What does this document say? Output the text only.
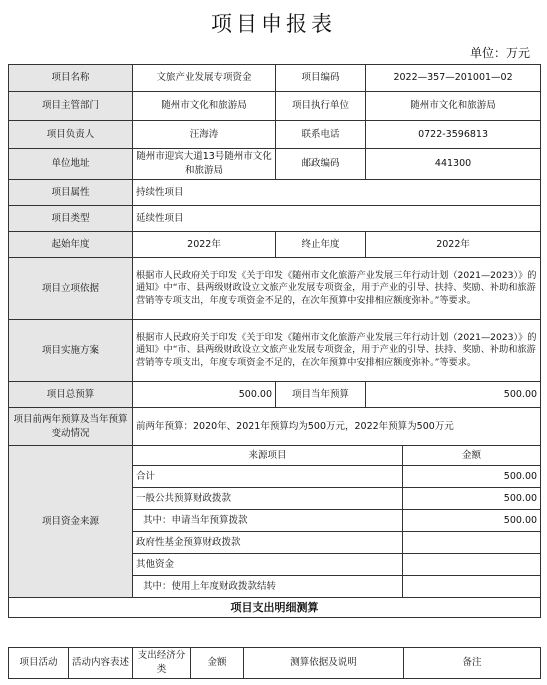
项目申报表
单位：万元
项目名称	文旅产业发展专项资金	项目编码	2022—357—201001—02	
项目主管部门	随州市文化和旅游局	项目执行单位	随州市文化和旅游局	
项目负责人	汪海涛	联系电话	0722-3596813	
单位地址	随州市迎宾大道13号随州市文化和旅游局	邮政编码	441300	
项目属性	持续性项目			
项目类型	延续性项目			
起始年度	2022年	终止年度	2022年	
项目立项依据	根据市人民政府关于印发《关于印发《随州市文化旅游产业发展三年行动计划（2021—2023）》的通知》中“市、县两级财政设立文旅产业发展专项资金，用于产业的引导、扶持、奖励、补助和旅游营销等专项支出，年度专项资金不足的，在次年预算中安排相应额度弥补。”等要求。			
项目实施方案	根据市人民政府关于印发《关于印发《随州市文化旅游产业发展三年行动计划（2021—2023）》的通知》中“市、县两级财政设立文旅产业发展专项资金，用于产业的引导、扶持、奖励、补助和旅游营销等专项支出，年度专项资金不足的，在次年预算中安排相应额度弥补。”等要求。			
项目总预算	500.00	项目当年预算	500.00	
项目前两年预算及当年预算变动情况	前两年预算：2020年、2021年预算均为500万元，2022年预算为500万元			
项目资金来源	来源项目			金额
	合计			500.00
	一般公共预算财政拨款			500.00
	其中：申请当年预算拨款			500.00
	政府性基金预算财政拨款			
	其他资金			
	其中：使用上年度财政拨款结转			
项目支出明细测算				
项目活动	活动内容表述	支出经济分类	金额	测算依据及说明	备注
